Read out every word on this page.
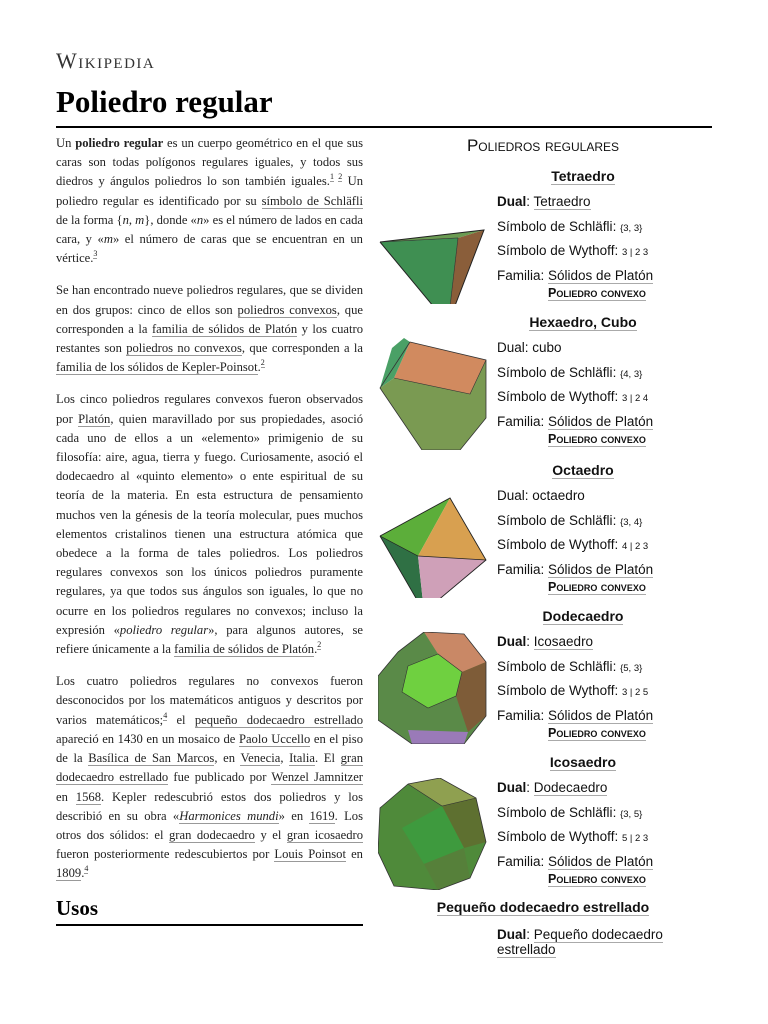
Wikipedia
Poliedro regular

Un poliedro regular es un cuerpo geométrico en el que sus caras son todas polígonos regulares iguales, y todos sus diedros y ángulos poliedros lo son también iguales.$^{1 2}$ Un poliedro regular es identificado por su símbolo de Schläfli de la forma {n, m}, donde «n» es el número de lados en cada cara, y «m» el número de caras que se encuentran en un vértice.$^3$

Se han encontrado nueve poliedros regulares, que se dividen en dos grupos: cinco de ellos son poliedros convexos, que corresponden a la familia de sólidos de Platón y los cuatro restantes son poliedros no convexos, que corresponden a la familia de los sólidos de Kepler-Poinsot.$^2$

Los cinco poliedros regulares convexos fueron observados por Platón, quien maravillado por sus propiedades, asoció cada uno de ellos a un «elemento» primigenio de su filosofía: aire, agua, tierra y fuego. Curiosamente, asoció el dodecaedro al «quinto elemento» o ente espiritual de su teoría de la materia. En esta estructura de pensamiento muchos ven la génesis de la teoría molecular, pues muchos elementos cristalinos tienen una estructura atómica que obedece a la forma de tales poliedros. Los poliedros regulares convexos son los únicos poliedros puramente regulares, ya que todos sus ángulos son iguales, lo que no ocurre en los poliedros regulares no convexos; incluso la expresión «poliedro regular», para algunos autores, se refiere únicamente a la familia de sólidos de Platón.$^2$

Los cuatro poliedros regulares no convexos fueron desconocidos por los matemáticos antiguos y descritos por varios matemáticos;$^4$ el pequeño dodecaedro estrellado apareció en 1430 en un mosaico de Paolo Uccello en el piso de la Basílica de San Marcos, en Venecia, Italia. El gran dodecaedro estrellado fue publicado por Wenzel Jamnitzer en 1568. Kepler redescubrió estos dos poliedros y los describió en su obra «Harmonices mundi» en 1619. Los otros dos sólidos: el gran dodecaedro y el gran icosaedro fueron posteriormente redescubiertos por Louis Poinsot en 1809.$^4$

Usos
Poliedros regulares
Tetraedro
Dual: Tetraedro
Símbolo de Schläfli: {3, 3}
Símbolo de Wythoff: 3 | 2 3
Familia: Sólidos de Platón
Poliedro convexo
Hexaedro, Cubo
Dual: cubo
Símbolo de Schläfli: {4, 3}
Símbolo de Wythoff: 3 | 2 4
Familia: Sólidos de Platón
Poliedro convexo
Octaedro
Dual: octaedro
Símbolo de Schläfli: {3, 4}
Símbolo de Wythoff: 4 | 2 3
Familia: Sólidos de Platón
Poliedro convexo
Dodecaedro
Dual: Icosaedro
Símbolo de Schläfli: {5, 3}
Símbolo de Wythoff: 3 | 2 5
Familia: Sólidos de Platón
Poliedro convexo
Icosaedro
Dual: Dodecaedro
Símbolo de Schläfli: {3, 5}
Símbolo de Wythoff: 5 | 2 3
Familia: Sólidos de Platón
Poliedro convexo
Pequeño dodecaedro estrellado
Dual: Pequeño dodecaedro estrellado
